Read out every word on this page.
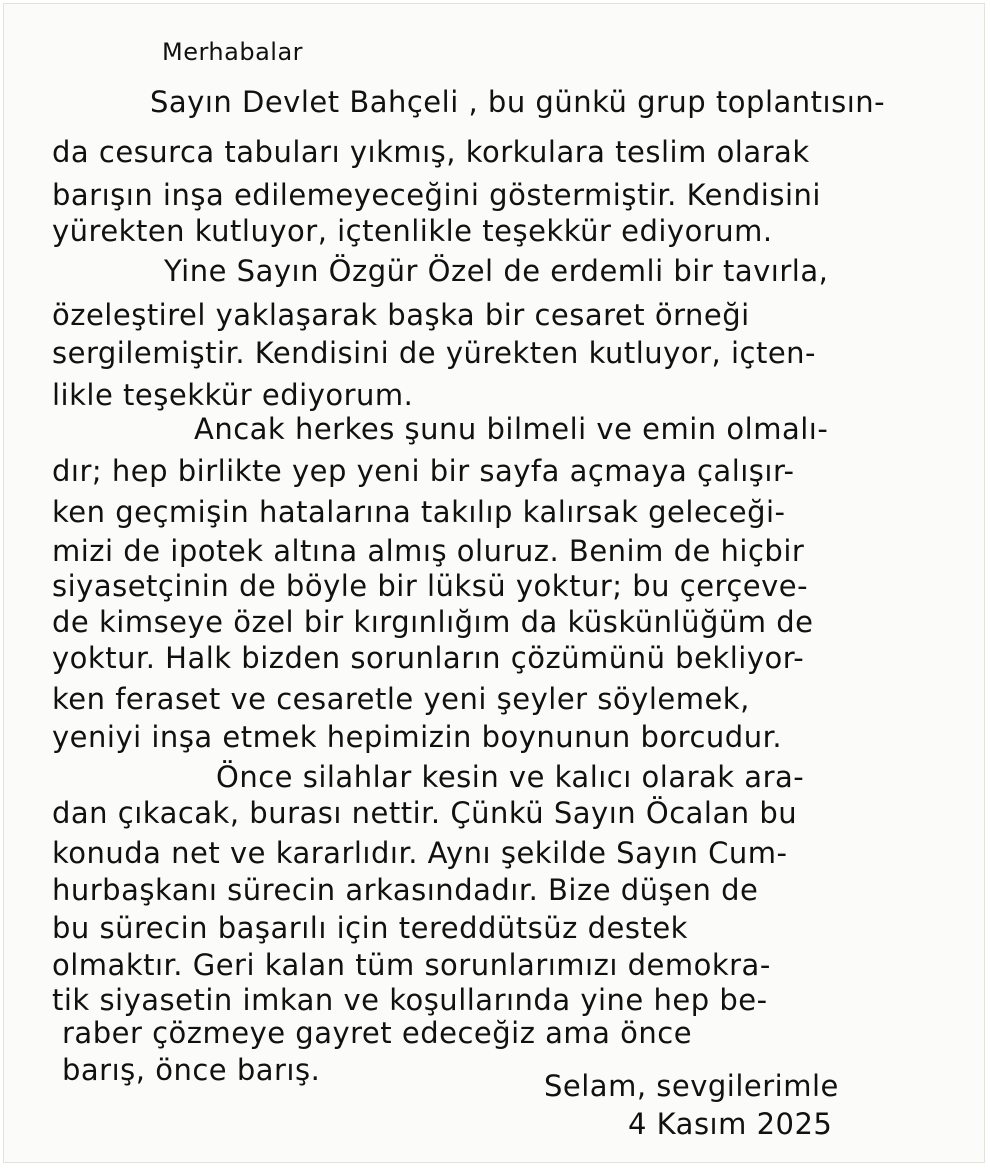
Merhabalar
Sayın Devlet Bahçeli , bu günkü grup toplantısın-
da cesurca tabuları yıkmış, korkulara teslim olarak
barışın inşa edilemeyeceğini göstermiştir. Kendisini
yürekten kutluyor, içtenlikle teşekkür ediyorum.
Yine Sayın Özgür Özel de erdemli bir tavırla,
özeleştirel yaklaşarak başka bir cesaret örneği
sergilemiştir. Kendisini de yürekten kutluyor, içten-
likle teşekkür ediyorum.
Ancak herkes şunu bilmeli ve emin olmalı-
dır; hep birlikte yep yeni bir sayfa açmaya çalışır-
ken geçmişin hatalarına takılıp kalırsak geleceği-
mizi de ipotek altına almış oluruz. Benim de hiçbir
siyasetçinin de böyle bir lüksü yoktur; bu çerçeve-
de kimseye özel bir kırgınlığım da küskünlüğüm de
yoktur. Halk bizden sorunların çözümünü bekliyor-
ken feraset ve cesaretle yeni şeyler söylemek,
yeniyi inşa etmek hepimizin boynunun borcudur.
Önce silahlar kesin ve kalıcı olarak ara-
dan çıkacak, burası nettir. Çünkü Sayın Öcalan bu
konuda net ve kararlıdır. Aynı şekilde Sayın Cum-
hurbaşkanı sürecin arkasındadır. Bize düşen de
bu sürecin başarılı için tereddütsüz destek
olmaktır. Geri kalan tüm sorunlarımızı demokra-
tik siyasetin imkan ve koşullarında yine hep be-
raber çözmeye gayret edeceğiz ama önce
barış, önce barış.	Selam, sevgilerimle
4 Kasım 2025
